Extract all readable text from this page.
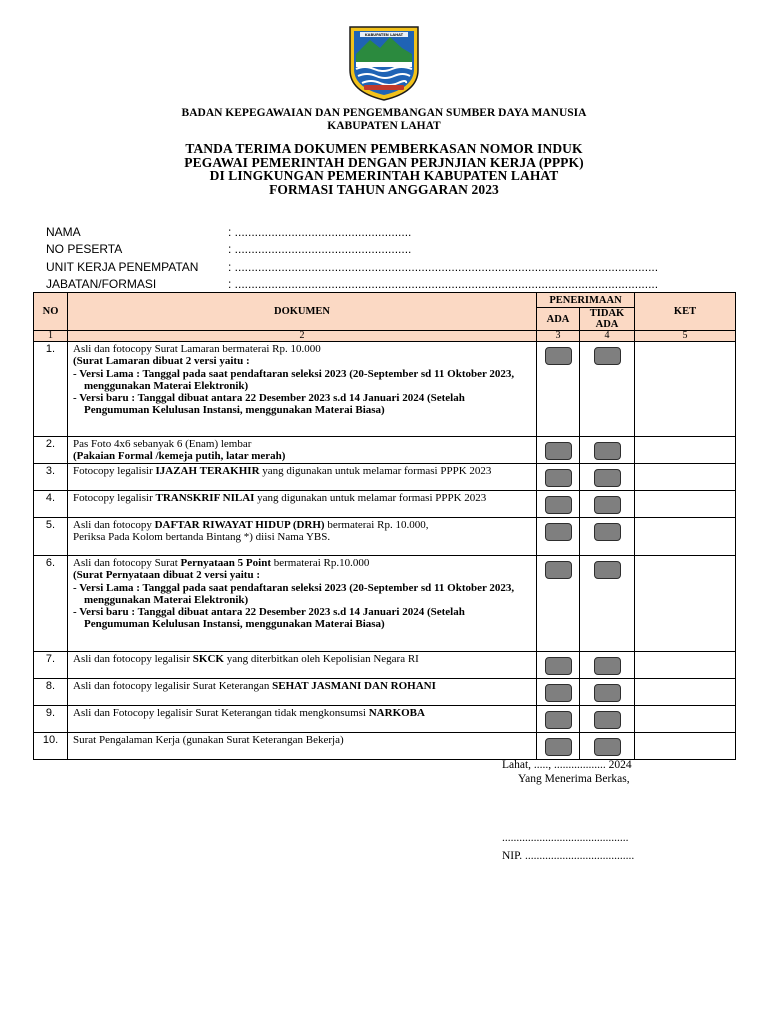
KABUPATEN LAHAT
BADAN KEPEGAWAIAN DAN PENGEMBANGAN SUMBER DAYA MANUSIA
KABUPATEN LAHAT
TANDA TERIMA DOKUMEN PEMBERKASAN NOMOR INDUK
PEGAWAI PEMERINTAH DENGAN PERJNJIAN KERJA (PPPK)
DI LINGKUNGAN PEMERINTAH KABUPATEN LAHAT
FORMASI TAHUN ANGGARAN 2023
NAMA	: .....................................................
NO PESERTA	: .....................................................
UNIT KERJA PENEMPATAN : ...............................................................................................................................
JABATAN/FORMASI	: ...............................................................................................................................
NO	DOKUMEN	PENERIMAAN		KET
		ADA	TIDAK ADA	
1	2	3	4	5
1.	Asli dan fotocopy Surat Lamaran bermaterai Rp. 10.000
(Surat Lamaran dibuat 2 versi yaitu :
- Versi Lama : Tanggal pada saat pendaftaran seleksi 2023 (20-September sd 11 Oktober 2023, menggunakan Materai Elektronik)
- Versi baru : Tanggal dibuat antara 22 Desember 2023 s.d 14 Januari 2024 (Setelah Pengumuman Kelulusan Instansi, menggunakan Materai Biasa)			

2.	Pas Foto 4x6 sebanyak 6 (Enam) lembar
(Pakaian Formal /kemeja putih, latar merah)			

3.	Fotocopy legalisir IJAZAH TERAKHIR yang digunakan untuk melamar formasi PPPK 2023			
4.	Fotocopy legalisir TRANSKRIF NILAI yang digunakan untuk melamar formasi PPPK 2023			
5.	Asli dan fotocopy DAFTAR RIWAYAT HIDUP (DRH) bermaterai Rp. 10.000,
Periksa Pada Kolom bertanda Bintang *) diisi Nama YBS.			

6.	Asli dan fotocopy Surat Pernyataan 5 Point bermaterai Rp.10.000
(Surat Pernyataan dibuat 2 versi yaitu :
- Versi Lama : Tanggal pada saat pendaftaran seleksi 2023 (20-September sd 11 Oktober 2023, menggunakan Materai Elektronik)
- Versi baru : Tanggal dibuat antara 22 Desember 2023 s.d 14 Januari 2024 (Setelah Pengumuman Kelulusan Instansi, menggunakan Materai Biasa)			

7.	Asli dan fotocopy legalisir SKCK yang diterbitkan oleh Kepolisian Negara RI			
8.	Asli dan fotocopy legalisir Surat Keterangan SEHAT JASMANI DAN ROHANI			
9.	Asli dan Fotocopy legalisir Surat Keterangan tidak mengkonsumsi NARKOBA			
10.	Surat Pengalaman Kerja (gunakan Surat Keterangan Bekerja)			
Lahat, ....., .................. 2024
Yang Menerima Berkas,
............................................
NIP. ......................................
